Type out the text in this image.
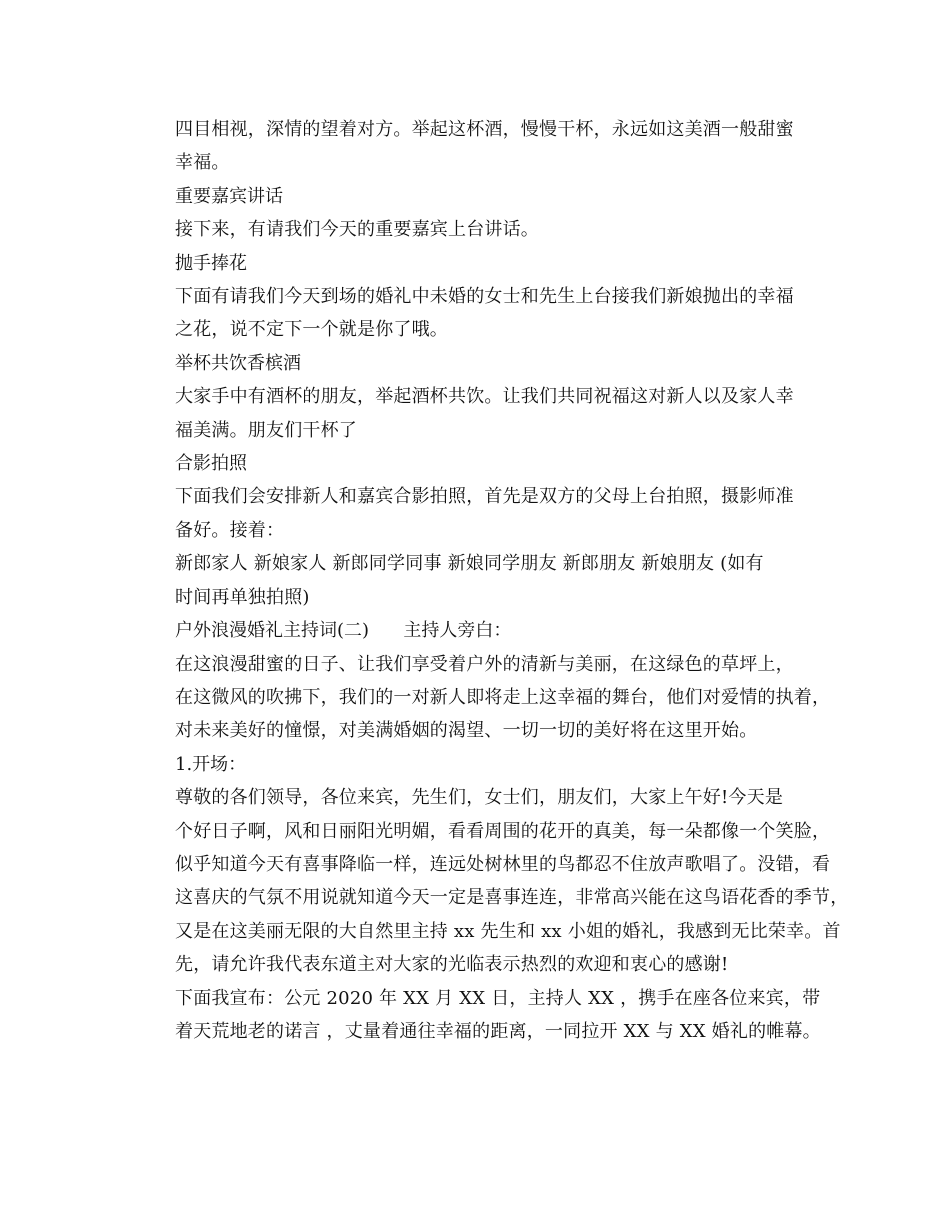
四目相视，深情的望着对方。举起这杯酒，慢慢干杯，永远如这美酒一般甜蜜
幸福。

重要嘉宾讲话

接下来，有请我们今天的重要嘉宾上台讲话。

抛手捧花

下面有请我们今天到场的婚礼中未婚的女士和先生上台接我们新娘抛出的幸福
之花，说不定下一个就是你了哦。

举杯共饮香槟酒

大家手中有酒杯的朋友，举起酒杯共饮。让我们共同祝福这对新人以及家人幸
福美满。朋友们干杯了

合影拍照

下面我们会安排新人和嘉宾合影拍照，首先是双方的父母上台拍照，摄影师准
备好。接着：

新郎家人 新娘家人 新郎同学同事 新娘同学朋友 新郎朋友 新娘朋友 (如有
时间再单独拍照)

户外浪漫婚礼主持词(二)      主持人旁白：

在这浪漫甜蜜的日子、让我们享受着户外的清新与美丽，在这绿色的草坪上，
在这微风的吹拂下，我们的一对新人即将走上这幸福的舞台，他们对爱情的执着，
对未来美好的憧憬，对美满婚姻的渴望、一切一切的美好将在这里开始。

1.开场：

尊敬的各们领导，各位来宾，先生们，女士们，朋友们，大家上午好!今天是
个好日子啊，风和日丽阳光明媚，看看周围的花开的真美，每一朵都像一个笑脸，
似乎知道今天有喜事降临一样，连远处树林里的鸟都忍不住放声歌唱了。没错，看
这喜庆的气氛不用说就知道今天一定是喜事连连，非常高兴能在这鸟语花香的季节，
又是在这美丽无限的大自然里主持 xx 先生和 xx 小姐的婚礼，我感到无比荣幸。首
先，请允许我代表东道主对大家的光临表示热烈的欢迎和衷心的感谢!

下面我宣布：公元 2020 年 XX 月 XX 日，主持人 XX ，携手在座各位来宾，带
着天荒地老的诺言 ，丈量着通往幸福的距离，一同拉开 XX 与 XX 婚礼的帷幕。
